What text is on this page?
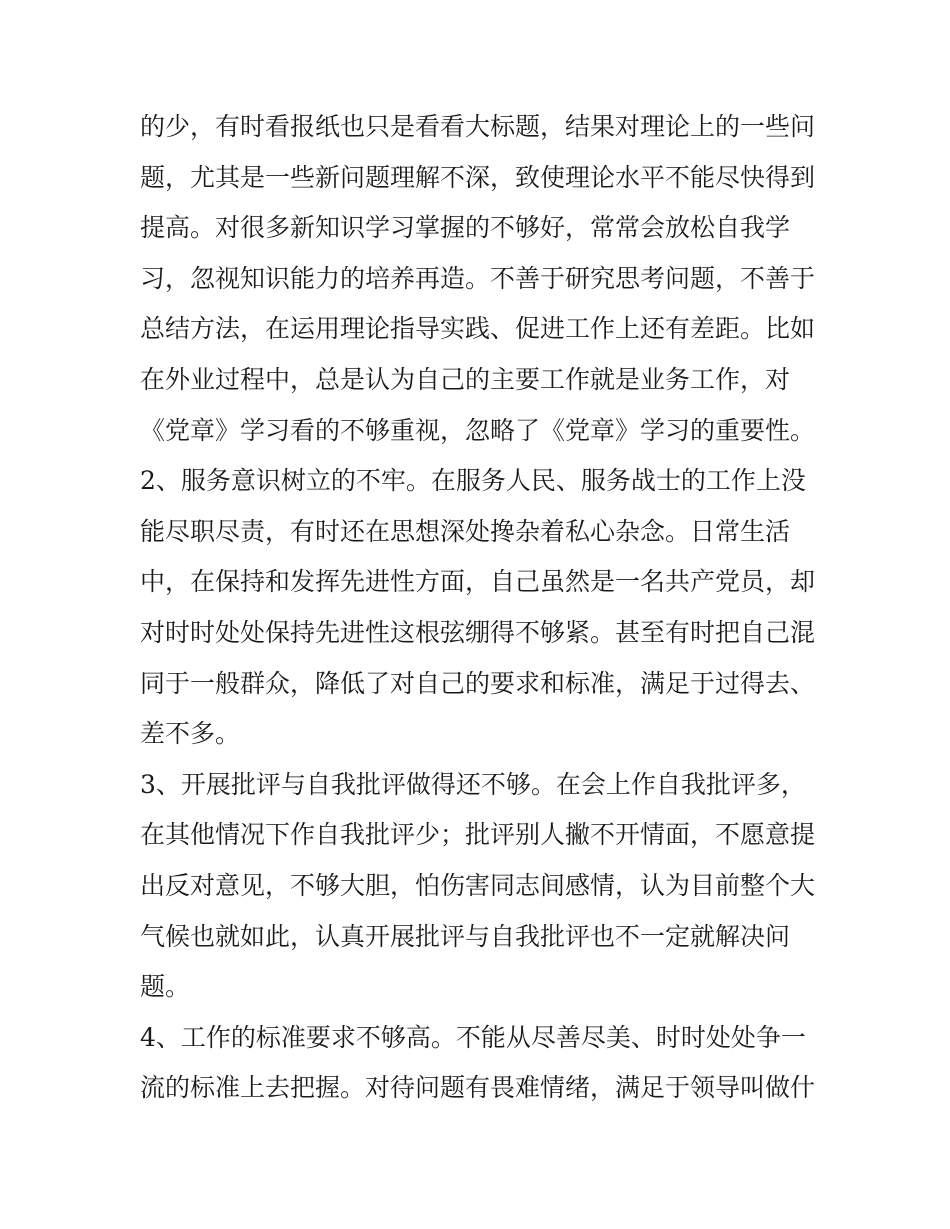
的少，有时看报纸也只是看看大标题，结果对理论上的一些问
题，尤其是一些新问题理解不深，致使理论水平不能尽快得到
提高。对很多新知识学习掌握的不够好，常常会放松自我学
习，忽视知识能力的培养再造。不善于研究思考问题，不善于
总结方法，在运用理论指导实践、促进工作上还有差距。比如
在外业过程中，总是认为自己的主要工作就是业务工作，对
《党章》学习看的不够重视，忽略了《党章》学习的重要性。
2、服务意识树立的不牢。在服务人民、服务战士的工作上没
能尽职尽责，有时还在思想深处搀杂着私心杂念。日常生活
中，在保持和发挥先进性方面，自己虽然是一名共产党员，却
对时时处处保持先进性这根弦绷得不够紧。甚至有时把自己混
同于一般群众，降低了对自己的要求和标准，满足于过得去、
差不多。
3、开展批评与自我批评做得还不够。在会上作自我批评多，
在其他情况下作自我批评少；批评别人撇不开情面，不愿意提
出反对意见，不够大胆，怕伤害同志间感情，认为目前整个大
气候也就如此，认真开展批评与自我批评也不一定就解决问
题。
4、工作的标准要求不够高。不能从尽善尽美、时时处处争一
流的标准上去把握。对待问题有畏难情绪，满足于领导叫做什
